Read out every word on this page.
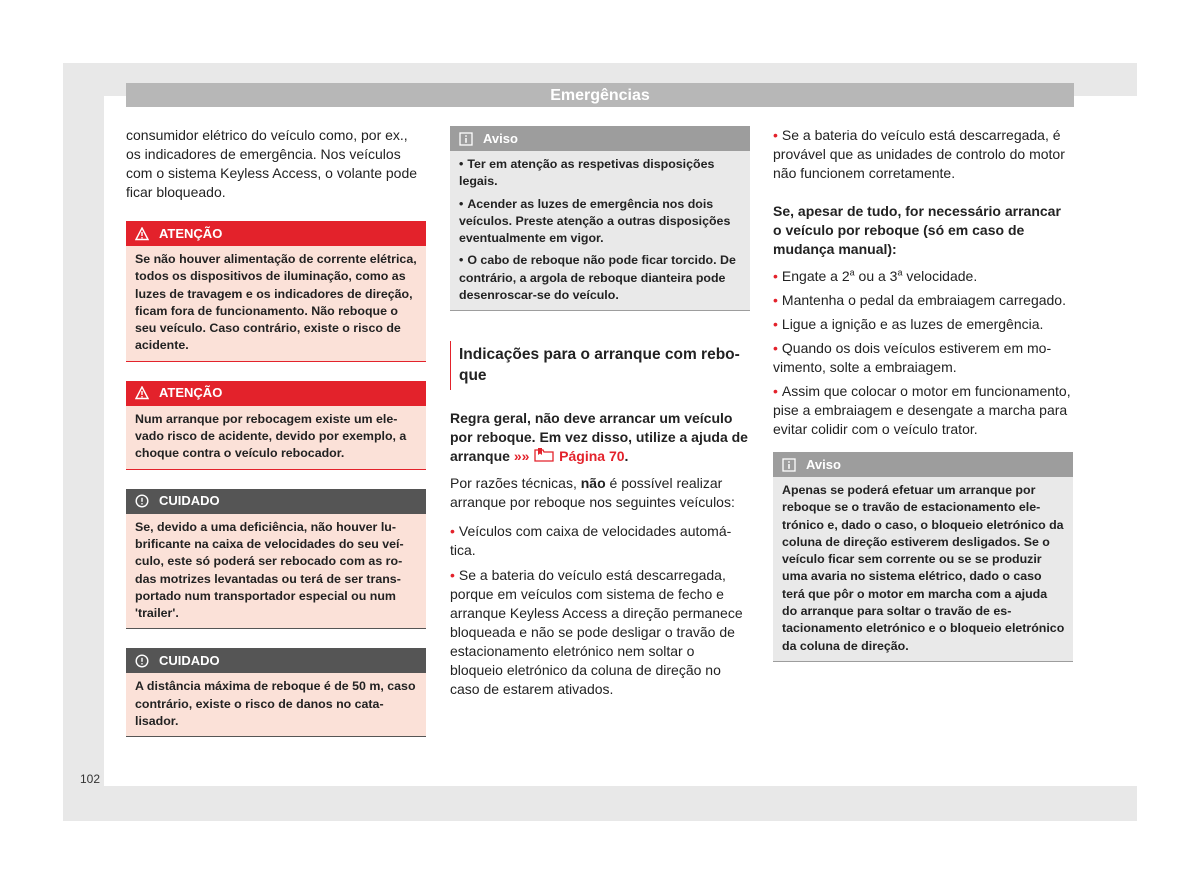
Emergências

consumidor elétrico do veículo como, por ex., os indicadores de emergência. Nos veículos com o sistema Keyless Access, o volante pode ficar bloqueado.

ATENÇÃO
Se não houver alimentação de corrente elétrica, todos os dispositivos de iluminação, como as luzes de travagem e os indicadores de direção, ficam fora de funcionamento. Não reboque o seu veículo. Caso contrário, existe o risco de acidente.
ATENÇÃO
Num arranque por rebocagem existe um elevado risco de acidente, devido por exemplo, a choque contra o veículo rebocador.
CUIDADO
Se, devido a uma deficiência, não houver lubrificante na caixa de velocidades do seu veículo, este só poderá ser rebocado com as rodas motrizes levantadas ou terá de ser transportado num transportador especial ou num 'trailer'.
CUIDADO
A distância máxima de reboque é de 50 m, caso contrário, existe o risco de danos no catalisador.
Aviso

• Ter em atenção as respetivas disposições legais.

• Acender as luzes de emergência nos dois veículos. Preste atenção a outras disposições eventualmente em vigor.

• O cabo de reboque não pode ficar torcido. De contrário, a argola de reboque dianteira pode desenroscar-se do veículo.

Indicações para o arranque com reboque

Regra geral, não deve arrancar um veículo por reboque. Em vez disso, utilize a ajuda de arranque »» Página 70.

Por razões técnicas, não é possível realizar arranque por reboque nos seguintes veículos:

• Veículos com caixa de velocidades automática.

• Se a bateria do veículo está descarregada, porque em veículos com sistema de fecho e arranque Keyless Access a direção permanece bloqueada e não se pode desligar o travão de estacionamento eletrónico nem soltar o bloqueio eletrónico da coluna de direção no caso de estarem ativados.

• Se a bateria do veículo está descarregada, é provável que as unidades de controlo do motor não funcionem corretamente.

Se, apesar de tudo, for necessário arrancar o veículo por reboque (só em caso de mudança manual):

• Engate a 2$^a$ ou a 3$^a$ velocidade.

• Mantenha o pedal da embraiagem carregado.

• Ligue a ignição e as luzes de emergência.

• Quando os dois veículos estiverem em movimento, solte a embraiagem.

• Assim que colocar o motor em funcionamento, pise a embraiagem e desengate a marcha para evitar colidir com o veículo trator.

Aviso
Apenas se poderá efetuar um arranque por reboque se o travão de estacionamento eletrónico e, dado o caso, o bloqueio eletrónico da coluna de direção estiverem desligados. Se o veículo ficar sem corrente ou se se produzir uma avaria no sistema elétrico, dado o caso terá que pôr o motor em marcha com a ajuda do arranque para soltar o travão de estacionamento eletrónico e o bloqueio eletrónico da coluna de direção.
102
